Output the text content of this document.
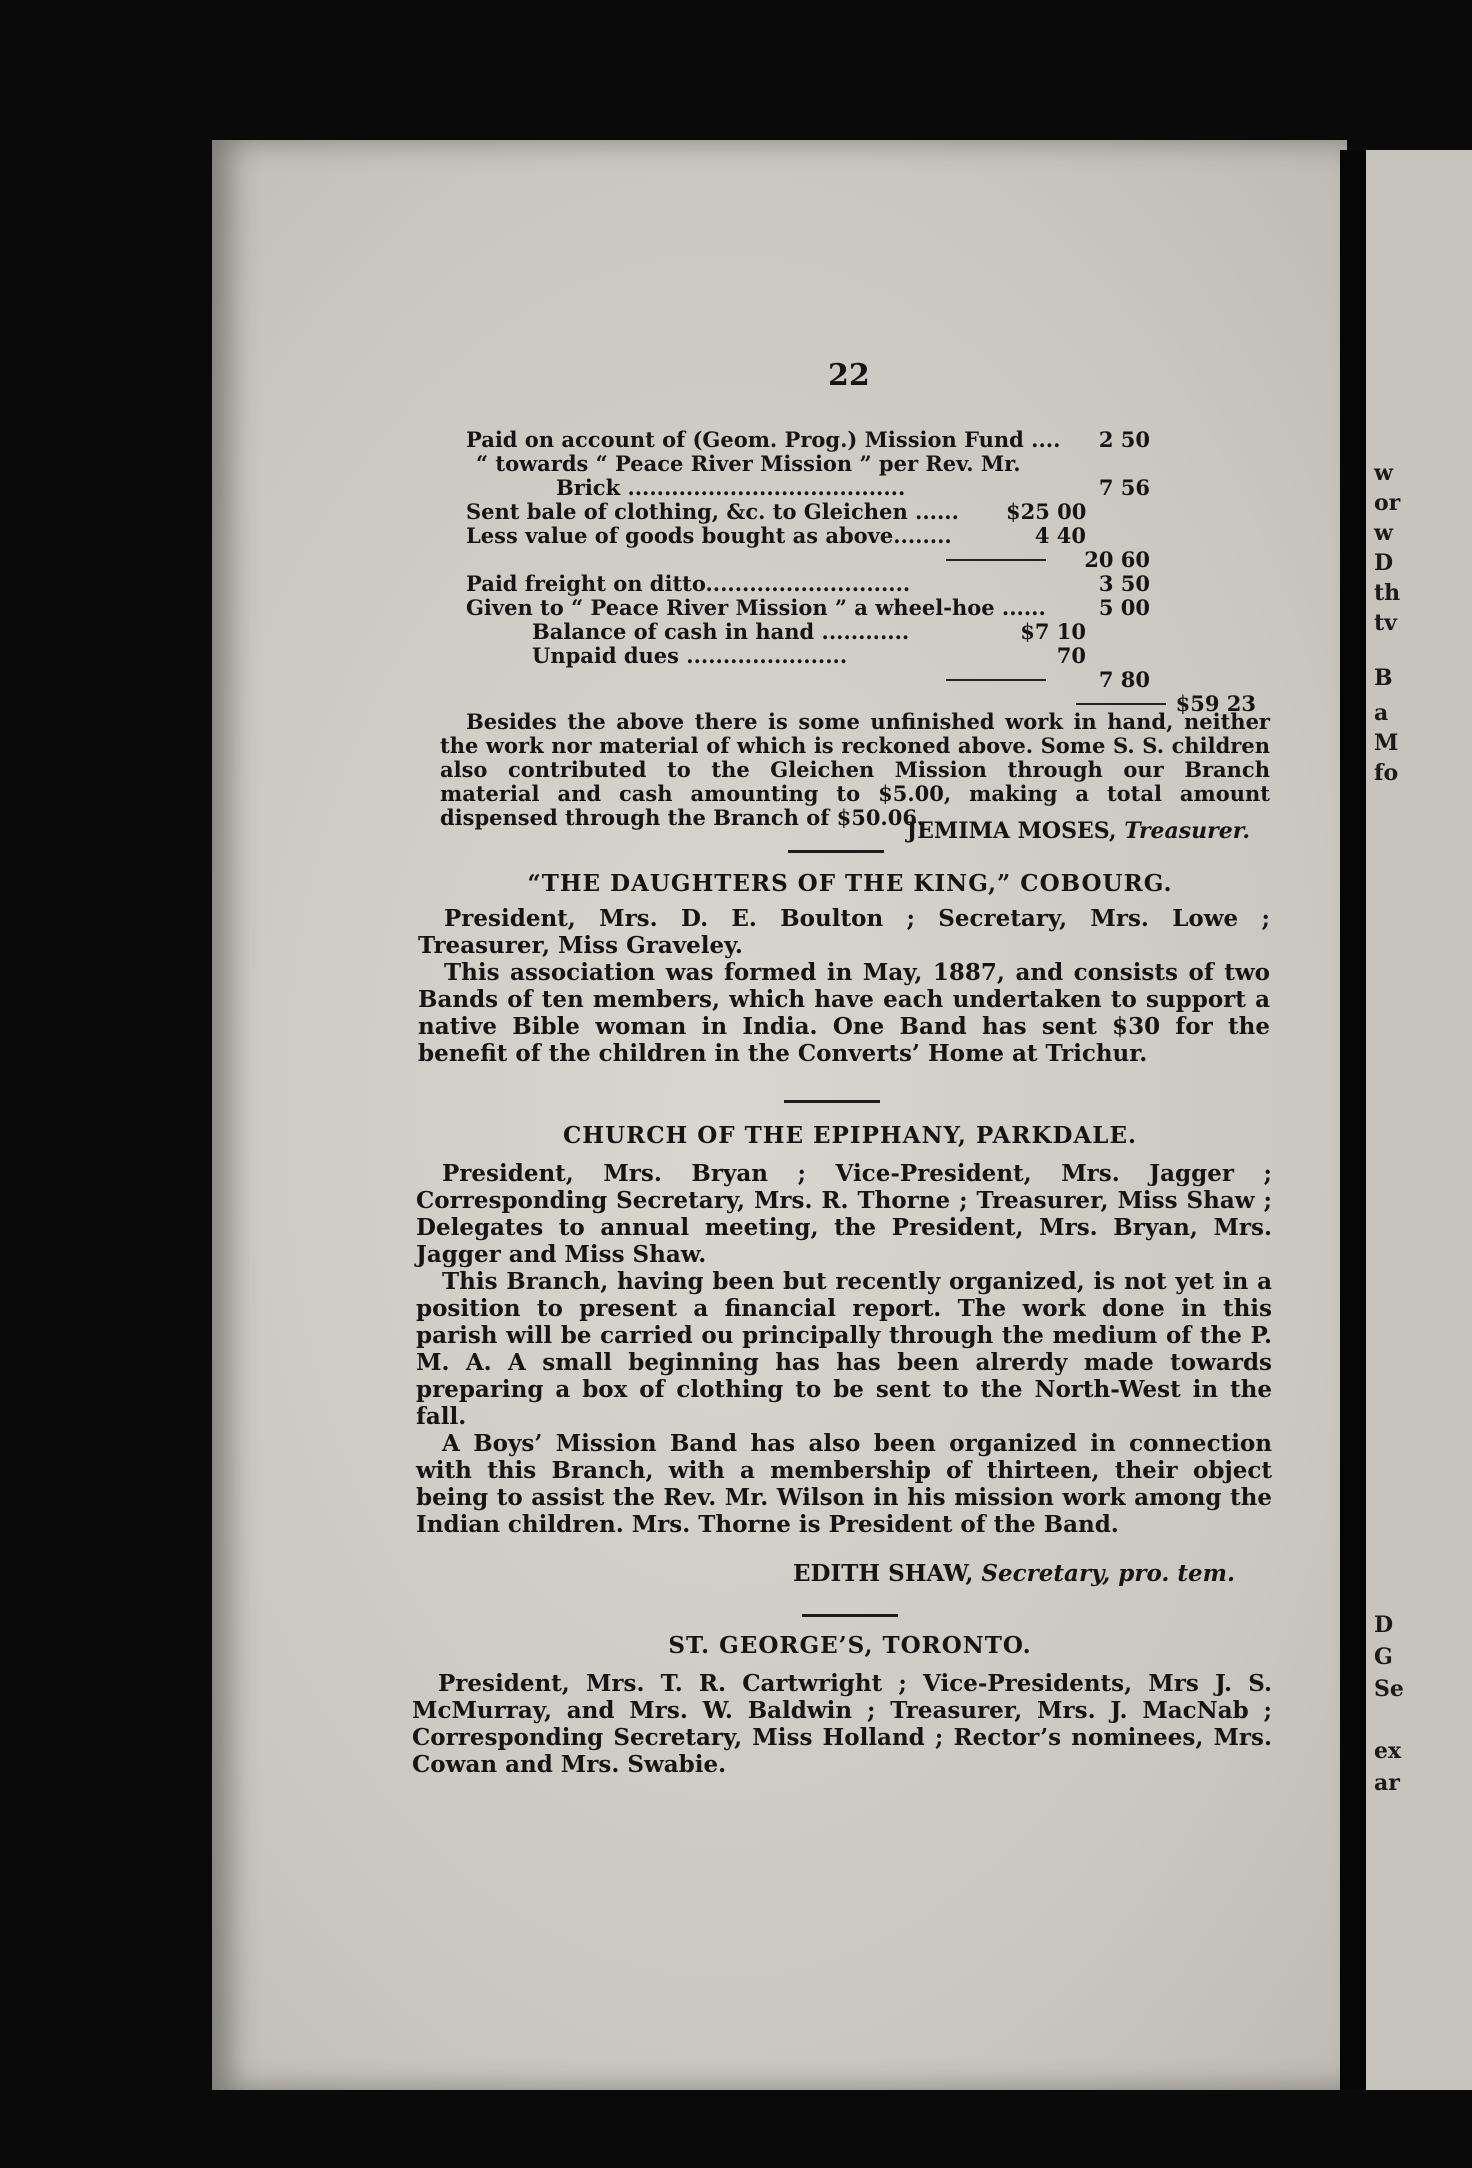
w
or
w
D
th
tv
B
a
M
fo
D
G
Se
ex
ar
22
Paid on account of (Geom. Prog.) Mission Fund ....	2 50
“ towards “ Peace River Mission ” per Rev. Mr.
Brick ......................................	7 56
Sent bale of clothing, &c. to Gleichen ...... $25 00
Less value of goods bought as above........	4 40
20 60
Paid freight on ditto............................	3 50
Given to “ Peace River Mission ” a wheel-hoe ......	5 00
Balance of cash in hand ............	$7 10
Unpaid dues ......................	70
7 80
$59 23

Besides the above there is some unfinished work in hand, neither the work nor material of which is reckoned above. Some S. S. children also contributed to the Gleichen Mission through our Branch material and cash amounting to $5.00, making a total amount dispensed through the Branch of $50.06.

JEMIMA MOSES, Treasurer.
“THE DAUGHTERS OF THE KING,” COBOURG.

President, Mrs. D. E. Boulton ; Secretary, Mrs. Lowe ; Treasurer, Miss Graveley.

This association was formed in May, 1887, and consists of two Bands of ten members, which have each undertaken to support a native Bible woman in India. One Band has sent $30 for the benefit of the children in the Converts’ Home at Trichur.

CHURCH OF THE EPIPHANY, PARKDALE.

President, Mrs. Bryan ; Vice-President, Mrs. Jagger ; Corresponding Secretary, Mrs. R. Thorne ; Treasurer, Miss Shaw ; Delegates to annual meeting, the President, Mrs. Bryan, Mrs. Jagger and Miss Shaw.

This Branch, having been but recently organized, is not yet in a position to present a financial report. The work done in this parish will be carried ou principally through the medium of the P. M. A. A small beginning has has been alrerdy made towards preparing a box of clothing to be sent to the North-West in the fall.

A Boys’ Mission Band has also been organized in connection with this Branch, with a membership of thirteen, their object being to assist the Rev. Mr. Wilson in his mission work among the Indian children. Mrs. Thorne is President of the Band.

EDITH SHAW, Secretary, pro. tem.
ST. GEORGE’S, TORONTO.

President, Mrs. T. R. Cartwright ; Vice-Presidents, Mrs J. S. McMurray, and Mrs. W. Baldwin ; Treasurer, Mrs. J. MacNab ; Corresponding Secretary, Miss Holland ; Rector’s nominees, Mrs. Cowan and Mrs. Swabie.
